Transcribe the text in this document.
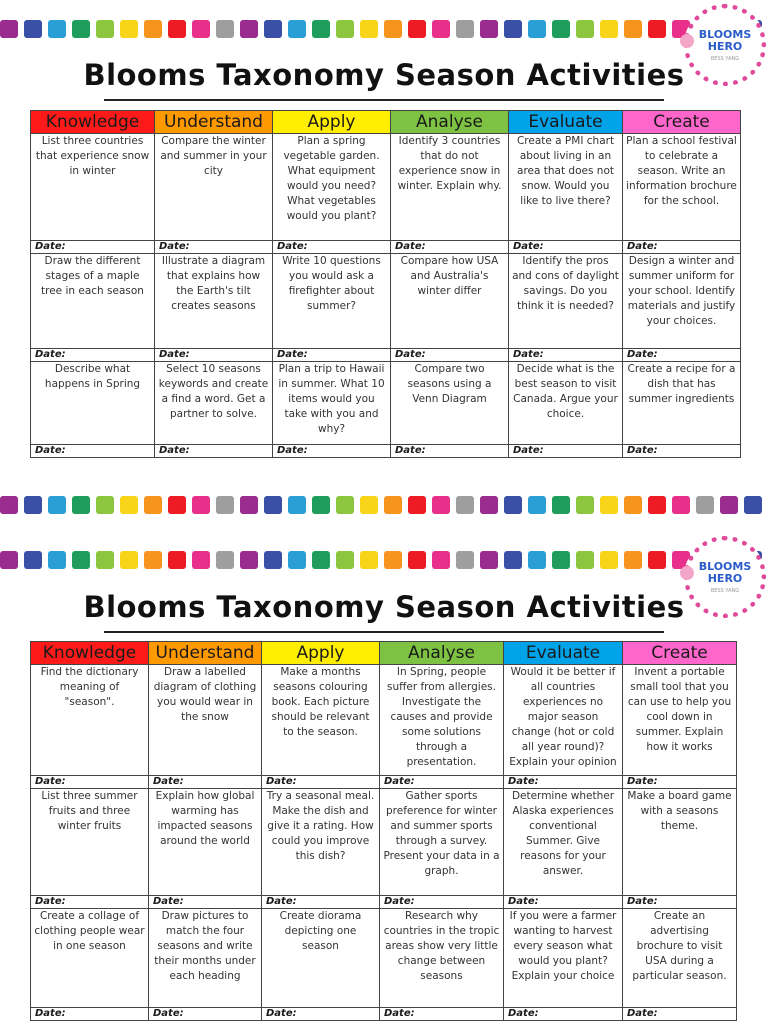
BLOOMS
HERO
BESS YANG
Blooms Taxonomy Season Activities
Knowledge	Understand	Apply	Analyse	Evaluate	Create
List three countries that experience snow in winter	Compare the winter and summer in your city	Plan a spring vegetable garden. What equipment would you need? What vegetables would you plant?	Identify 3 countries that do not experience snow in winter. Explain why.	Create a PMI chart about living in an area that does not snow. Would you like to live there?	Plan a school festival to celebrate a season. Write an information brochure for the school.
Date:	Date:	Date:	Date:	Date:	Date:
Draw the different stages of a maple tree in each season	Illustrate a diagram that explains how the Earth's tilt creates seasons	Write 10 questions you would ask a firefighter about summer?	Compare how USA and Australia's winter differ	Identify the pros and cons of daylight savings. Do you think it is needed?	Design a winter and summer uniform for your school. Identify materials and justify your choices.
Date:	Date:	Date:	Date:	Date:	Date:
Describe what happens in Spring	Select 10 seasons keywords and create a find a word. Get a partner to solve.	Plan a trip to Hawaii in summer. What 10 items would you take with you and why?	Compare two seasons using a Venn Diagram	Decide what is the best season to visit Canada. Argue your choice.	Create a recipe for a dish that has summer ingredients
Date:	Date:	Date:	Date:	Date:	Date:
BLOOMS
HERO
BESS YANG
Blooms Taxonomy Season Activities
Knowledge	Understand	Apply	Analyse	Evaluate	Create
Find the dictionary meaning of "season".	Draw a labelled diagram of clothing you would wear in the snow	Make a months seasons colouring book. Each picture should be relevant to the season.	In Spring, people suffer from allergies. Investigate the causes and provide some solutions through a presentation.	Would it be better if all countries experiences no major season change (hot or cold all year round)? Explain your opinion	Invent a portable small tool that you can use to help you cool down in summer. Explain how it works
Date:	Date:	Date:	Date:	Date:	Date:
List three summer fruits and three winter fruits	Explain how global warming has impacted seasons around the world	Try a seasonal meal. Make the dish and give it a rating. How could you improve this dish?	Gather sports preference for winter and summer sports through a survey. Present your data in a graph.	Determine whether Alaska experiences conventional Summer. Give reasons for your answer.	Make a board game with a seasons theme.
Date:	Date:	Date:	Date:	Date:	Date:
Create a collage of clothing people wear in one season	Draw pictures to match the four seasons and write their months under each heading	Create diorama depicting one season	Research why countries in the tropic areas show very little change between seasons	If you were a farmer wanting to harvest every season what would you plant? Explain your choice	Create an advertising brochure to visit USA during a particular season.
Date:	Date:	Date:	Date:	Date:	Date:
